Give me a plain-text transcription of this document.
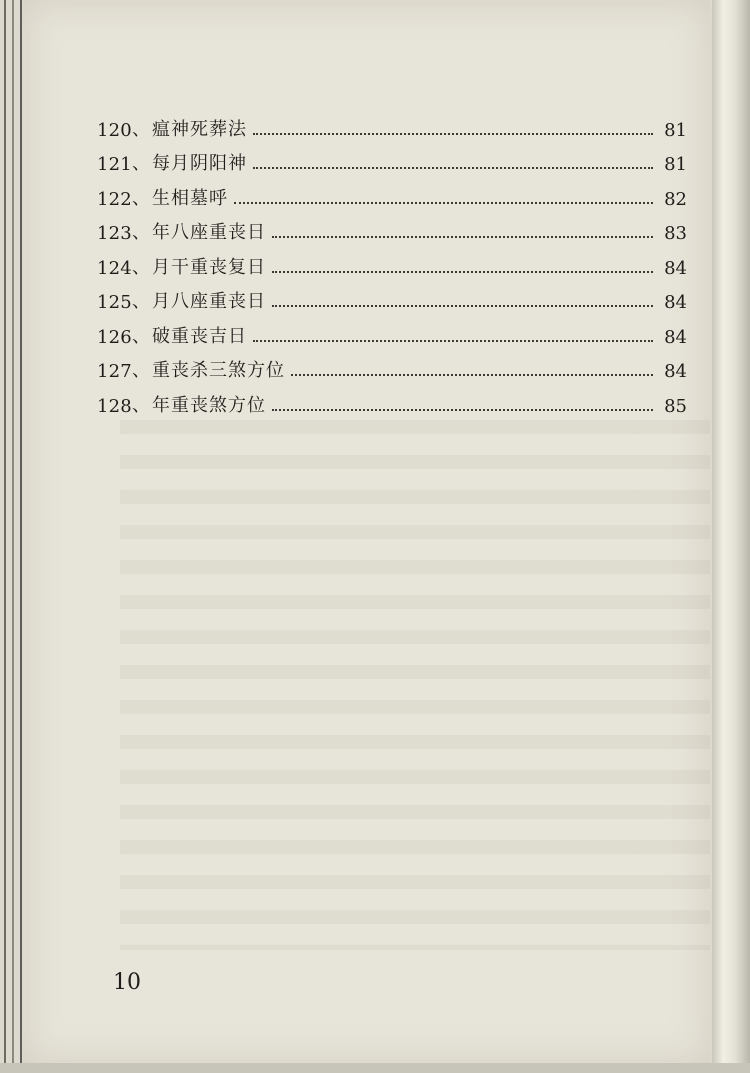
120 、 瘟神死葬法	81
121 、 每月阴阳神	81
122 、 生相墓呼	82
123 、 年八座重丧日	83
124 、 月干重丧复日	84
125 、 月八座重丧日	84
126 、 破重丧吉日	84
127 、 重丧杀三煞方位	84
128 、 年重丧煞方位	85
10
